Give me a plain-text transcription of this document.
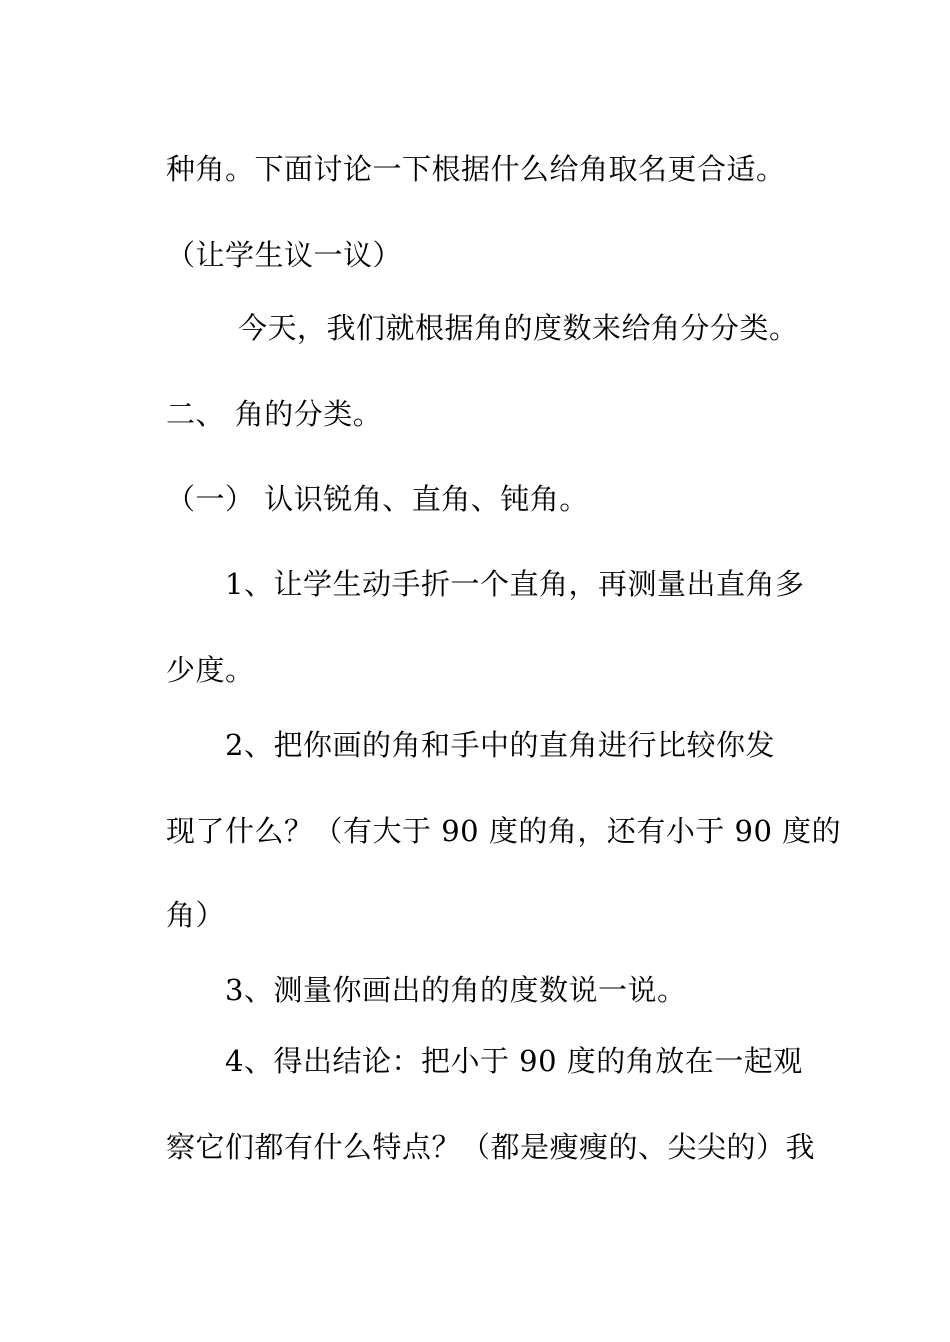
种角。下面讨论一下根据什么给角取名更合适。
（让学生议一议）
今天，我们就根据角的度数来给角分分类。
二、 角的分类。
（一） 认识锐角、直角、钝角。
1、让学生动手折一个直角，再测量出直角多
少度。
2、把你画的角和手中的直角进行比较你发
现了什么？（有大于 90 度的角，还有小于 90 度的
角）
3、测量你画出的角的度数说一说。
4、得出结论：把小于 90 度的角放在一起观
察它们都有什么特点？（都是瘦瘦的、尖尖的）我
